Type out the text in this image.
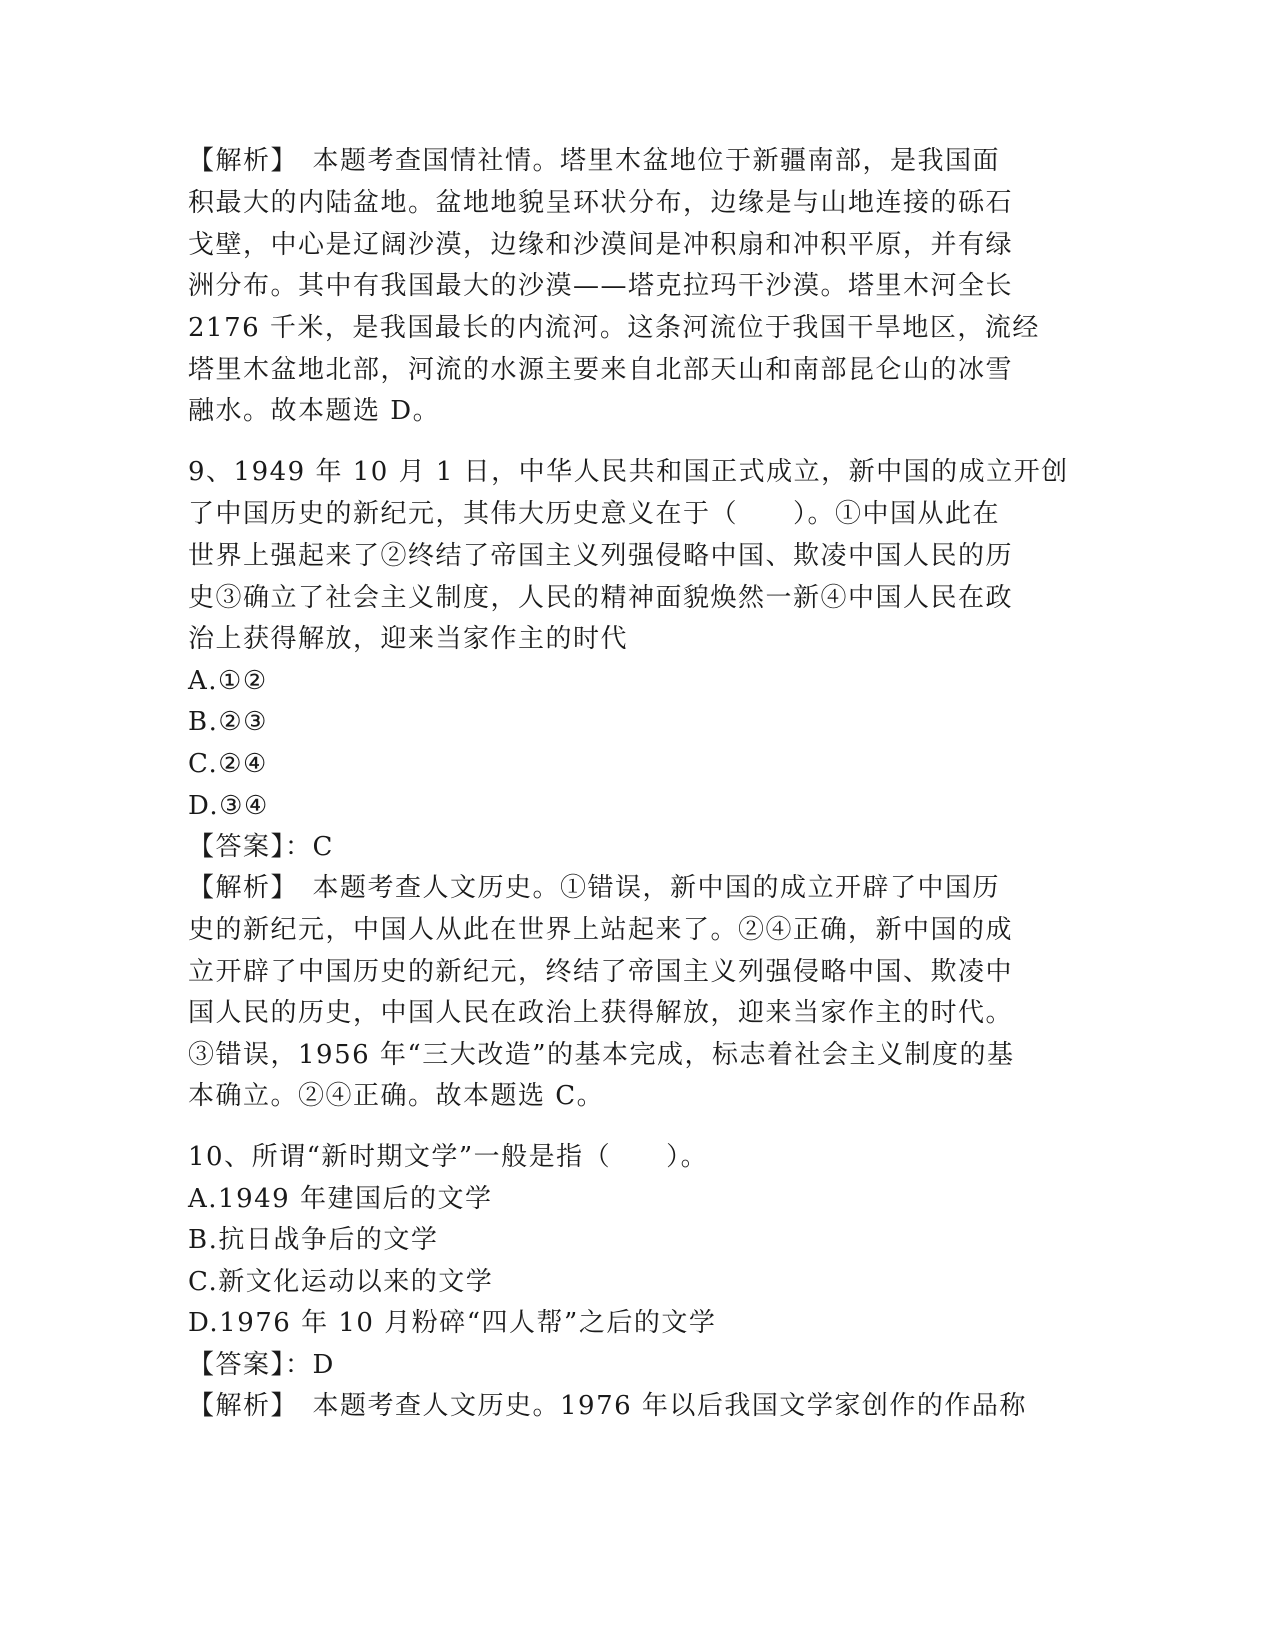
【解析】　本题考查国情社情。塔里木盆地位于新疆南部，是我国面
积最大的内陆盆地。盆地地貌呈环状分布，边缘是与山地连接的砾石
戈壁，中心是辽阔沙漠，边缘和沙漠间是冲积扇和冲积平原，并有绿
洲分布。其中有我国最大的沙漠——塔克拉玛干沙漠。塔里木河全长
2176 千米，是我国最长的内流河。这条河流位于我国干旱地区，流经
塔里木盆地北部，河流的水源主要来自北部天山和南部昆仑山的冰雪
融水。故本题选 D。
9、1949 年 10 月 1 日，中华人民共和国正式成立，新中国的成立开创
了中国历史的新纪元，其伟大历史意义在于（　　）。①中国从此在
世界上强起来了②终结了帝国主义列强侵略中国、欺凌中国人民的历
史③确立了社会主义制度，人民的精神面貌焕然一新④中国人民在政
治上获得解放，迎来当家作主的时代
A.①②
B.②③
C.②④
D.③④
【答案】：C
【解析】　本题考查人文历史。①错误，新中国的成立开辟了中国历
史的新纪元，中国人从此在世界上站起来了。②④正确，新中国的成
立开辟了中国历史的新纪元，终结了帝国主义列强侵略中国、欺凌中
国人民的历史，中国人民在政治上获得解放，迎来当家作主的时代。
③错误，1956 年“三大改造”的基本完成，标志着社会主义制度的基
本确立。②④正确。故本题选 C。
10、所谓“新时期文学”一般是指（　　）。
A.1949 年建国后的文学
B.抗日战争后的文学
C.新文化运动以来的文学
D.1976 年 10 月粉碎“四人帮”之后的文学
【答案】：D
【解析】　本题考查人文历史。1976 年以后我国文学家创作的作品称
